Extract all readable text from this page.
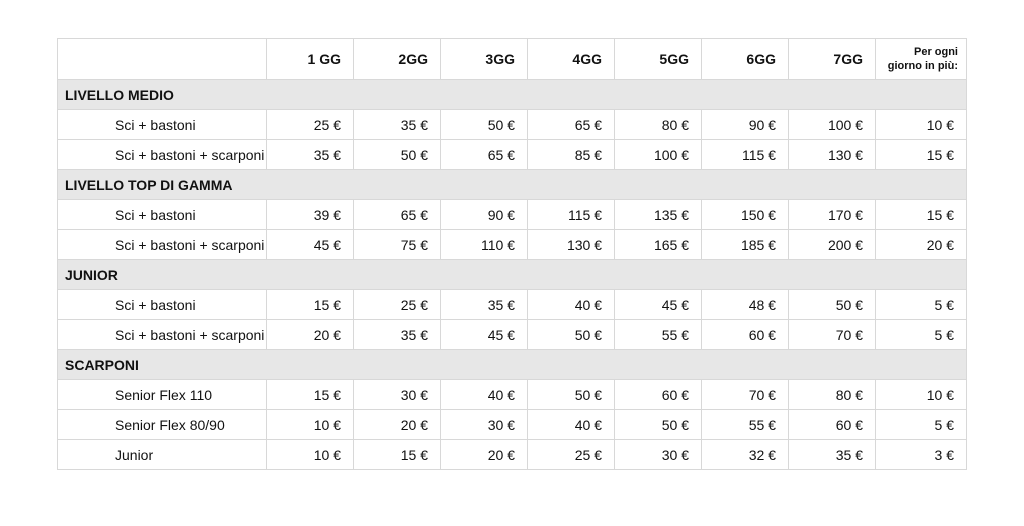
	1 GG	2GG	3GG	4GG	5GG	6GG	7GG	Per ogni giorno in più:
LIVELLO MEDIO								
Sci + bastoni	25 €	35 €	50 €	65 €	80 €	90 €	100 €	10 €
Sci + bastoni + scarponi	35 €	50 €	65 €	85 €	100 €	115 €	130 €	15 €
LIVELLO TOP DI GAMMA								
Sci + bastoni	39 €	65 €	90 €	115 €	135 €	150 €	170 €	15 €
Sci + bastoni + scarponi	45 €	75 €	110 €	130 €	165 €	185 €	200 €	20 €
JUNIOR								
Sci + bastoni	15 €	25 €	35 €	40 €	45 €	48 €	50 €	5 €
Sci + bastoni + scarponi	20 €	35 €	45 €	50 €	55 €	60 €	70 €	5 €
SCARPONI								
Senior Flex 110	15 €	30 €	40 €	50 €	60 €	70 €	80 €	10 €
Senior Flex 80/90	10 €	20 €	30 €	40 €	50 €	55 €	60 €	5 €
Junior	10 €	15 €	20 €	25 €	30 €	32 €	35 €	3 €
